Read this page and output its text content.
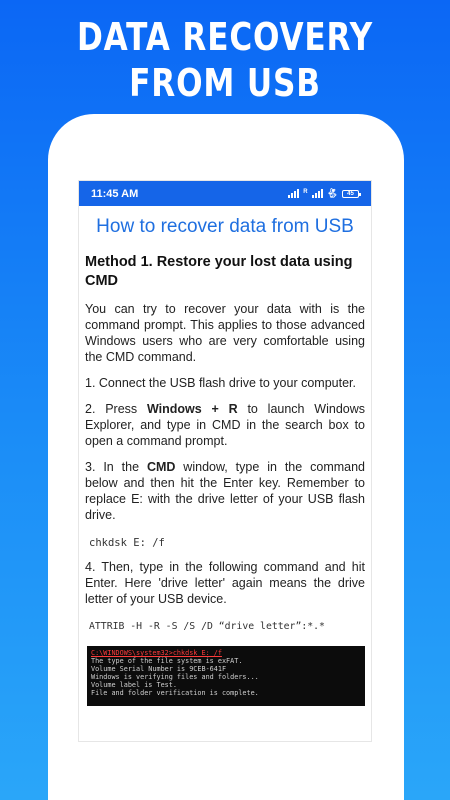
DATA RECOVERY
FROM USB
11:45 AM	R 🐇︎	45
How to recover data from USB
Method 1. Restore your lost data using CMD

You can try to recover your data with is the command prompt. This applies to those advanced Windows users who are very comfortable using the CMD command.

1. Connect the USB flash drive to your computer.

2. Press Windows + R to launch Windows Explorer, and type in CMD in the search box to open a command prompt.

3. In the CMD window, type in the command below and then hit the Enter key. Remember to replace E: with the drive letter of your USB flash drive.

chkdsk E: /f

4. Then, type in the following command and hit Enter. Here 'drive letter' again means the drive letter of your USB device.

ATTRIB -H -R -S /S /D “drive letter”:*.*
C:\WINDOWS\system32>chkdsk E: /f
The type of the file system is exFAT.
Volume Serial Number is 9CEB-641F
Windows is verifying files and folders...
Volume label is Test.
File and folder verification is complete.
